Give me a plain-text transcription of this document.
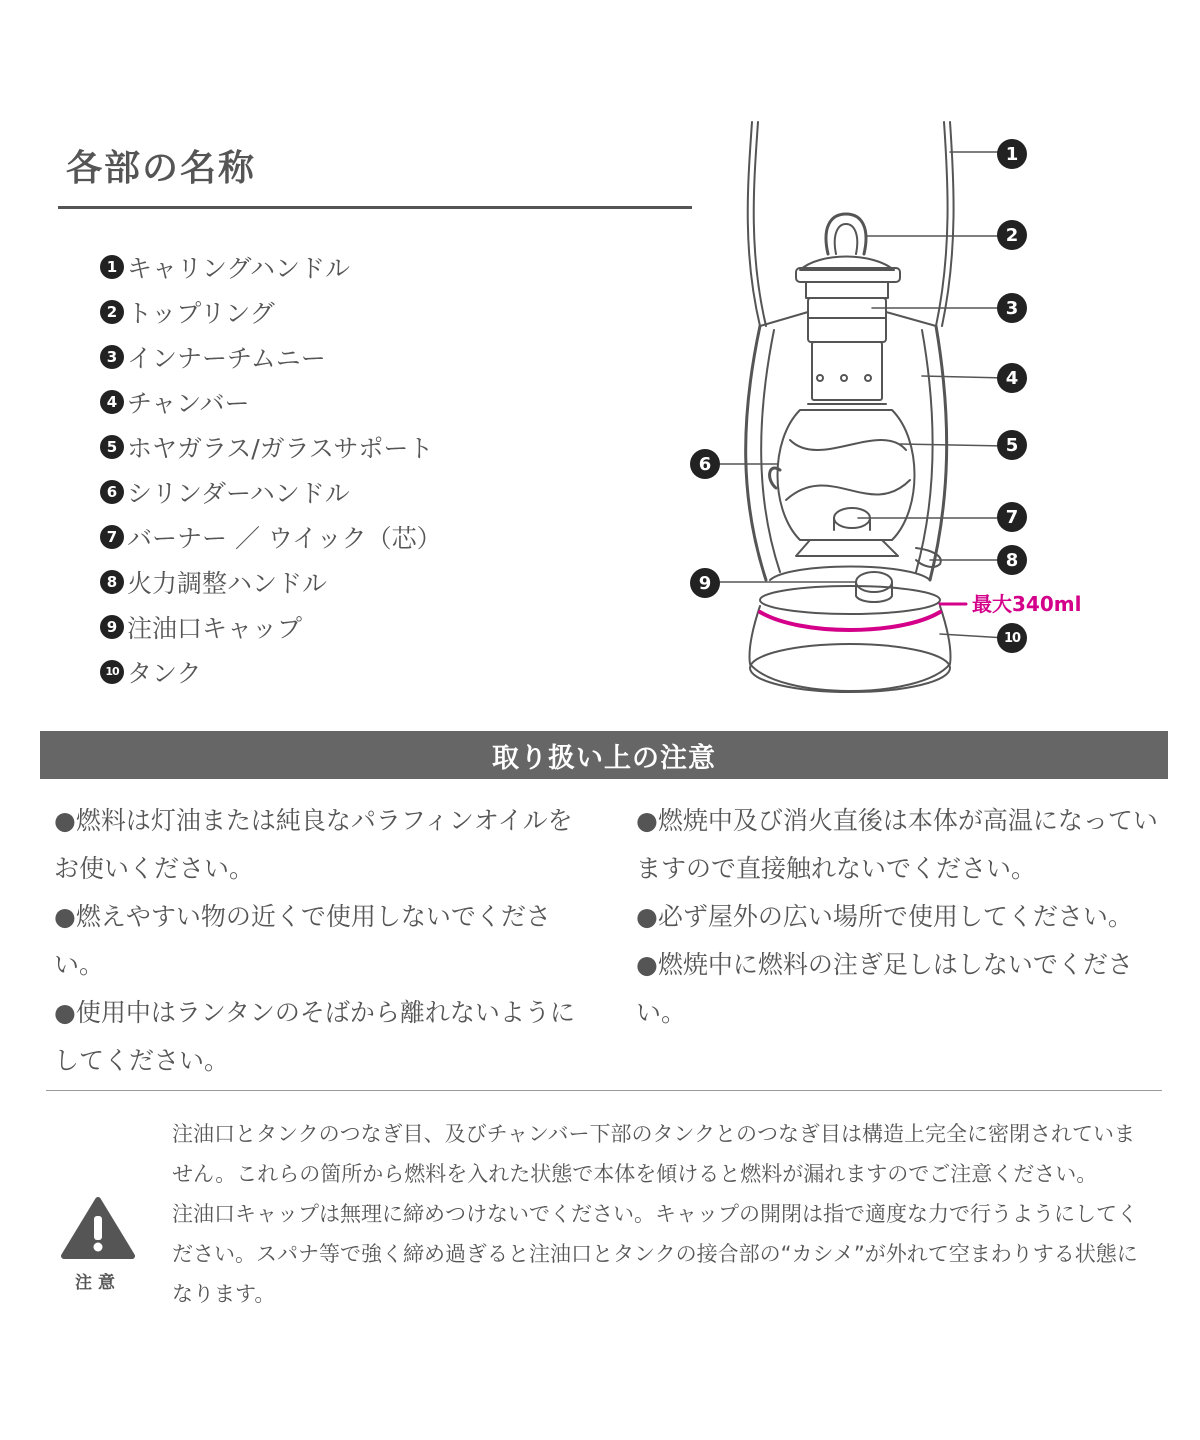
各部の名称
1 キャリングハンドル
2 トップリング
3 インナーチムニー
4 チャンバー
5 ホヤガラス/ガラスサポート
6 シリンダーハンドル
7 バーナー ／ ウイック（芯）
8 火力調整ハンドル
9 注油口キャップ
10 タンク
1
2
3
4
5
6
7
8
9
10
最大340ml
取り扱い上の注意

●燃料は灯油または純良なパラフィンオイルをお使いください。

●燃えやすい物の近くで使用しないでください。

●使用中はランタンのそばから離れないようにしてください。

●燃焼中及び消火直後は本体が高温になっていますので直接触れないでください。

●必ず屋外の広い場所で使用してください。

●燃焼中に燃料の注ぎ足しはしないでください。

注意

注油口とタンクのつなぎ目、及びチャンバー下部のタンクとのつなぎ目は構造上完全に密閉されていません。これらの箇所から燃料を入れた状態で本体を傾けると燃料が漏れますのでご注意ください。

注油口キャップは無理に締めつけないでください。キャップの開閉は指で適度な力で行うようにしてください。スパナ等で強く締め過ぎると注油口とタンクの接合部の“カシメ”が外れて空まわりする状態になります。
